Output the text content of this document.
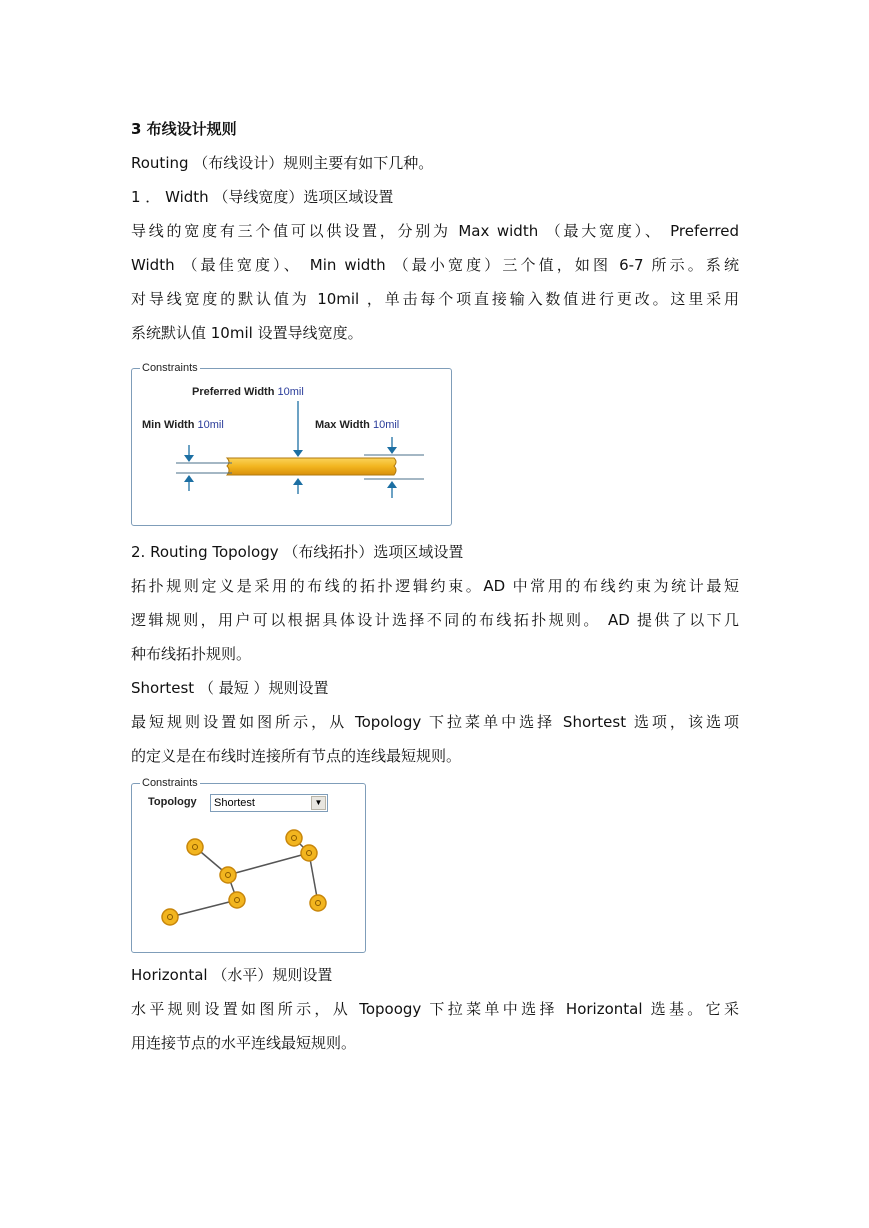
3 布线设计规则
Routing （布线设计）规则主要有如下几种。
1 ． Width （导线宽度）选项区域设置
导线的宽度有三个值可以供设置，分别为 Max width （最大宽度）、 Preferred
Width （最佳宽度）、 Min width （最小宽度）三个值，如图 6-7 所示。系统
对导线宽度的默认值为 10mil ，单击每个项直接输入数值进行更改。这里采用
系统默认值 10mil 设置导线宽度。
Constraints
Preferred Width 10mil
Min Width 10mil	Max Width 10mil
2. Routing Topology （布线拓扑）选项区域设置
拓扑规则定义是采用的布线的拓扑逻辑约束。AD 中常用的布线约束为统计最短
逻辑规则，用户可以根据具体设计选择不同的布线拓扑规则。 AD 提供了以下几
种布线拓扑规则。
Shortest （ 最短 ）规则设置
最短规则设置如图所示，从 Topology 下拉菜单中选择 Shortest 选项，该选项
的定义是在布线时连接所有节点的连线最短规则。
Constraints
Topology Shortest	▼
Horizontal （水平）规则设置
水平规则设置如图所示，从 Topoogy 下拉菜单中选择 Horizontal 选基。它采
用连接节点的水平连线最短规则。
